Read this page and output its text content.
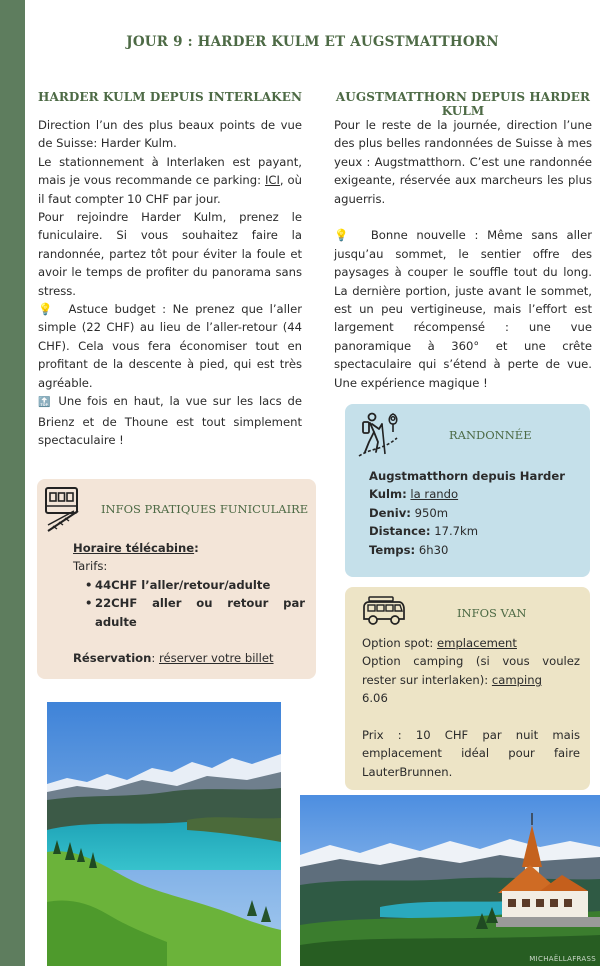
JOUR 9 : HARDER KULM ET AUGSTMATTHORN
HARDER KULM DEPUIS INTERLAKEN	AUGSTMATTHORN DEPUIS HARDER KULM

Direction l’un des plus beaux points de vue de Suisse: Harder Kulm.

Le stationnement à Interlaken est payant, mais je vous recommande ce parking: ICI, où il faut compter 10 CHF par jour.

Pour rejoindre Harder Kulm, prenez le funiculaire. Si vous souhaitez faire la randonnée, partez tôt pour éviter la foule et avoir le temps de profiter du panorama sans stress.

💡 Astuce budget : Ne prenez que l’aller simple (22 CHF) au lieu de l’aller-retour (44 CHF). Cela vous fera économiser tout en profitant de la descente à pied, qui est très agréable.

🔝 Une fois en haut, la vue sur les lacs de Brienz et de Thoune est tout simplement spectaculaire !

Pour le reste de la journée, direction l’une des plus belles randonnées de Suisse à mes yeux : Augstmatthorn. C’est une randonnée exigeante, réservée aux marcheurs les plus aguerris.

💡 Bonne nouvelle : Même sans aller jusqu’au sommet, le sentier offre des paysages à couper le souffle tout du long. La dernière portion, juste avant le sommet, est un peu vertigineuse, mais l’effort est largement récompensé : une vue panoramique à 360° et une crête spectaculaire qui s’étend à perte de vue. Une expérience magique !

INFOS PRATIQUES FUNICULAIRE

Horaire télécabine:

Tarifs:

• 44CHF l’aller/retour/adulte
• 22CHF aller ou retour par adulte

Réservation: réserver votre billet

RANDONNÉE

Augstmatthorn depuis Harder Kulm: la rando

Deniv: 950m

Distance: 17.7km

Temps: 6h30

INFOS VAN

Option spot: emplacement

Option camping (si vous voulez rester sur interlaken): camping
6.06

Prix : 10 CHF par nuit mais emplacement idéal pour faire LauterBrunnen.

MICHAËLLAFRASS
